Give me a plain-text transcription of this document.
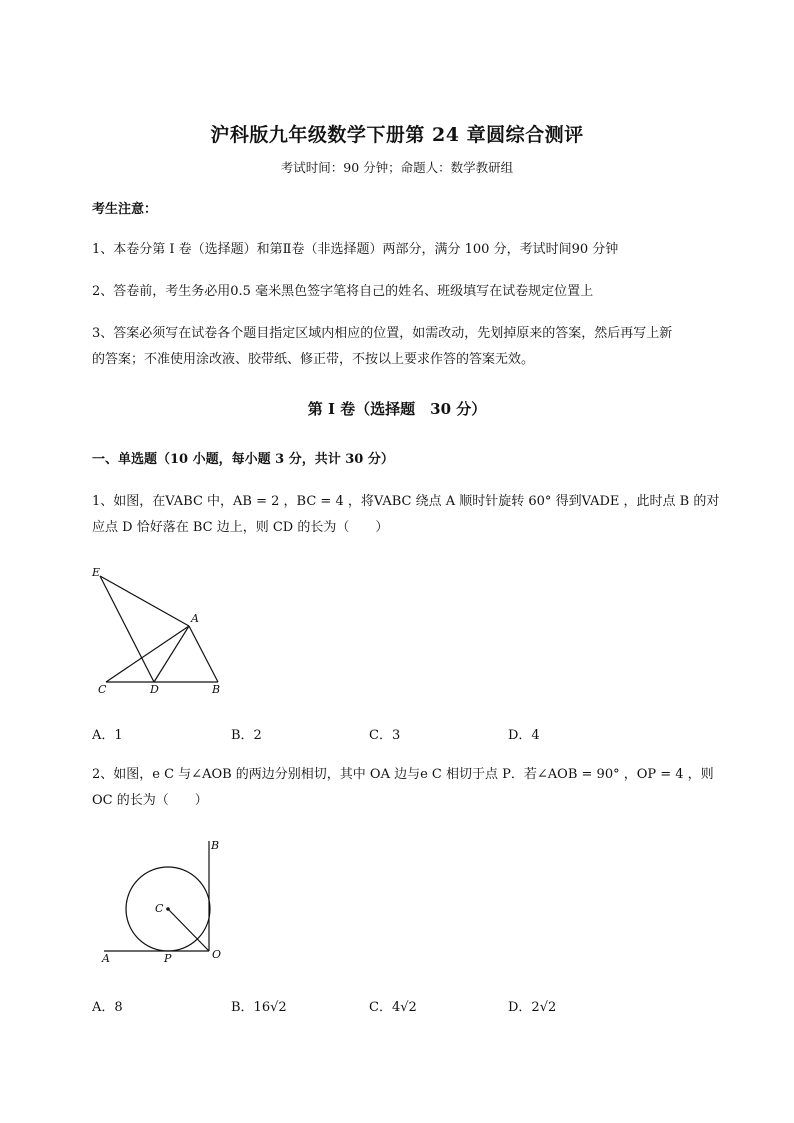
沪科版九年级数学下册第 24 章圆综合测评
考试时间：90 分钟；命题人：数学教研组
考生注意：
1、本卷分第 I 卷（选择题）和第Ⅱ卷（非选择题）两部分，满分 100 分，考试时间90 分钟
2、答卷前，考生务必用0.5 毫米黑色签字笔将自己的姓名、班级填写在试卷规定位置上
3、答案必须写在试卷各个题目指定区域内相应的位置，如需改动，先划掉原来的答案，然后再写上新
的答案；不准使用涂改液、胶带纸、修正带，不按以上要求作答的答案无效。
第 I 卷（选择题　30 分）
一、单选题（10 小题，每小题 3 分，共计 30 分）
1、如图，在VABC 中，AB = 2 ，BC = 4 ，将VABC 绕点 A 顺时针旋转 60° 得到VADE ，此时点 B 的对
应点 D 恰好落在 BC 边上，则 CD 的长为（　　）
E
A
C	D	B
A．1	B．2	C．3	D．4
2、如图，e C 与∠AOB 的两边分别相切，其中 OA 边与e C 相切于点 P．若∠AOB = 90° ，OP = 4 ，则
OC 的长为（　　）
B
C
A	P	O
A．8	B．16√2	C．4√2	D．2√2
